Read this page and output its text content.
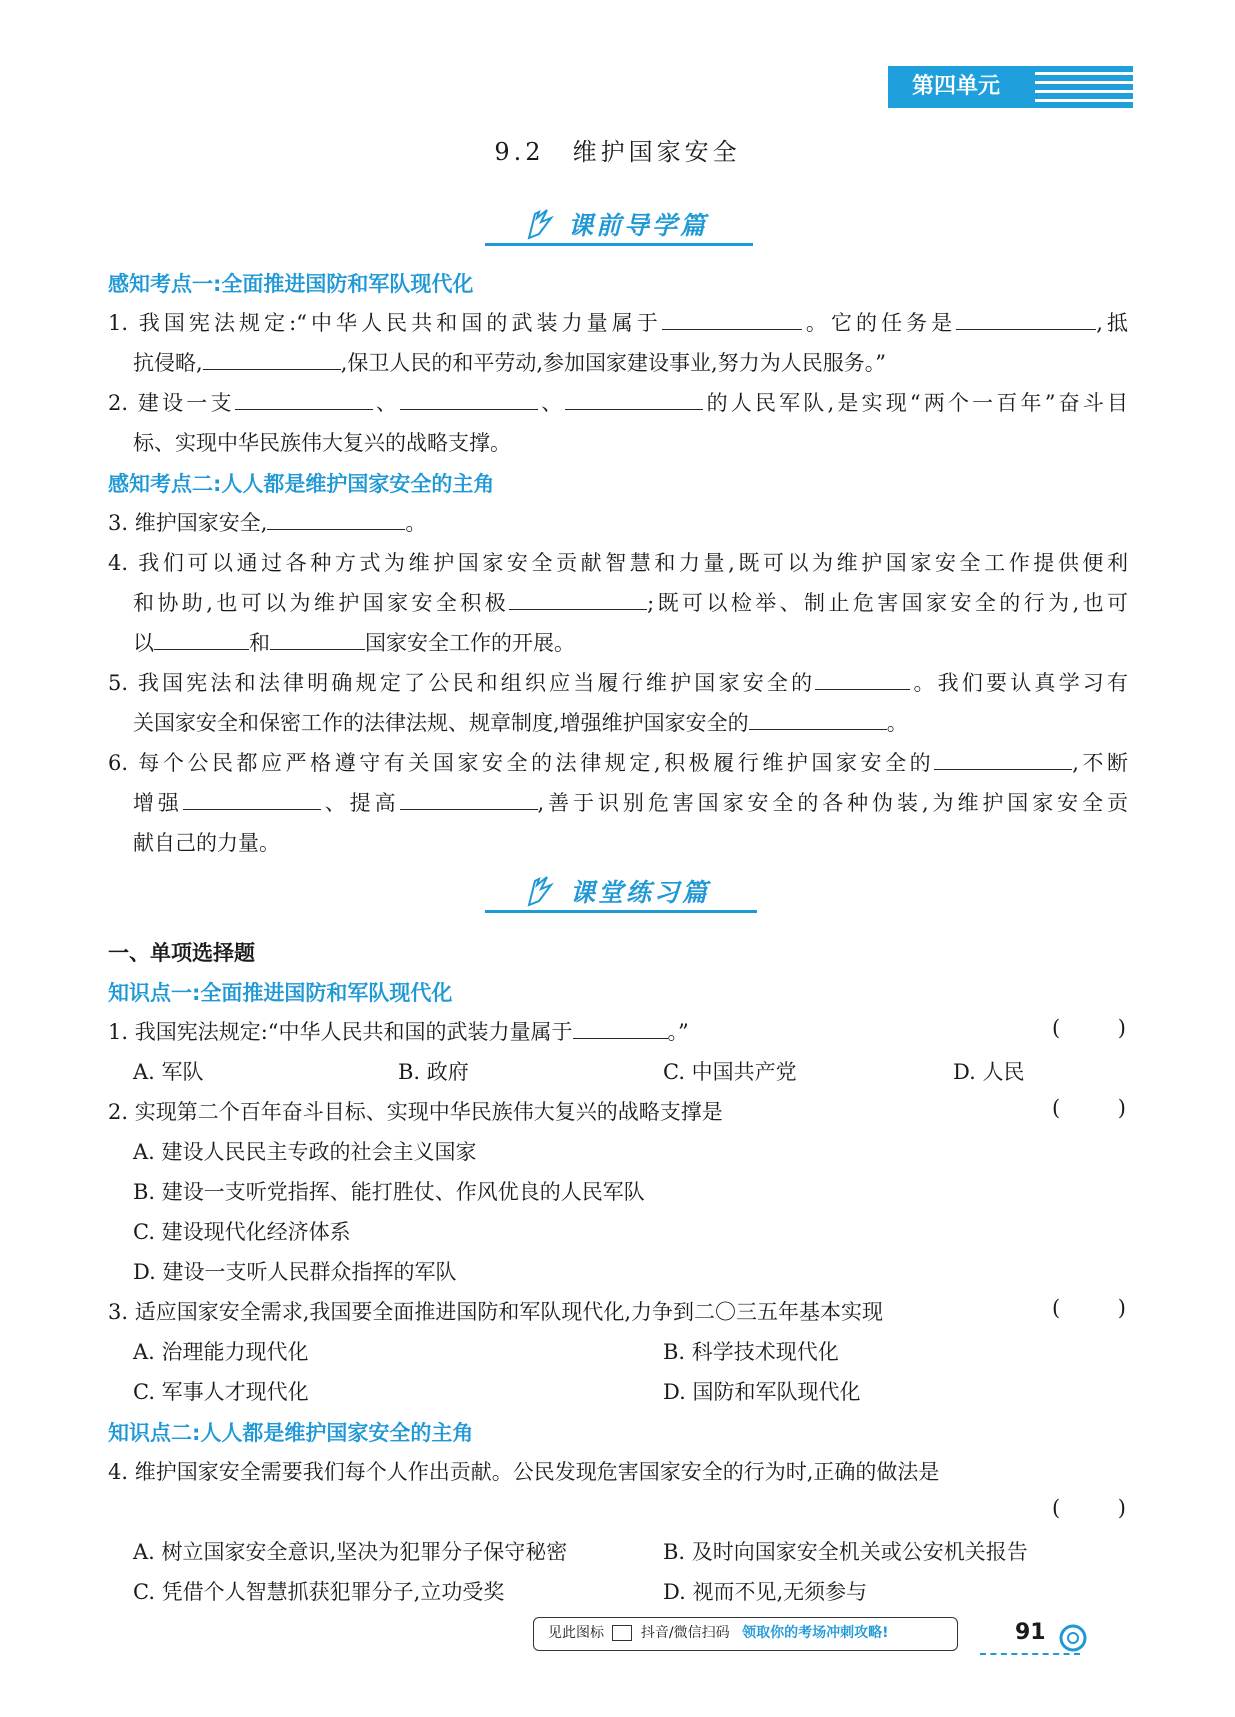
第四单元
9.2　维护国家安全
课前导学篇
感知考点一:全面推进国防和军队现代化
1. 我国宪法规定:“中华人民共和国的武装力量属于	。它的任务是	,抵
抗侵略,	,保卫人民的和平劳动,参加国家建设事业,努力为人民服务。”
2. 建设一支	、	、	的人民军队,是实现“两个一百年”奋斗目
标、实现中华民族伟大复兴的战略支撑。
感知考点二:人人都是维护国家安全的主角
3. 维护国家安全,	。
4. 我们可以通过各种方式为维护国家安全贡献智慧和力量,既可以为维护国家安全工作提供便利
和协助,也可以为维护国家安全积极	;既可以检举、制止危害国家安全的行为,也可
以	和	国家安全工作的开展。
5. 我国宪法和法律明确规定了公民和组织应当履行维护国家安全的	。我们要认真学习有
关国家安全和保密工作的法律法规、规章制度,增强维护国家安全的	。
6. 每个公民都应严格遵守有关国家安全的法律规定,积极履行维护国家安全的	,不断
增强	、提高	,善于识别危害国家安全的各种伪装,为维护国家安全贡
献自己的力量。
课堂练习篇
一、单项选择题
知识点一:全面推进国防和军队现代化
1. 我国宪法规定:“中华人民共和国的武装力量属于	。”	(	)
A. 军队	B. 政府	C. 中国共产党	D. 人民
2. 实现第二个百年奋斗目标、实现中华民族伟大复兴的战略支撑是	(	)
A. 建设人民民主专政的社会主义国家
B. 建设一支听党指挥、能打胜仗、作风优良的人民军队
C. 建设现代化经济体系
D. 建设一支听人民群众指挥的军队
3. 适应国家安全需求,我国要全面推进国防和军队现代化,力争到二〇三五年基本实现	(	)
A. 治理能力现代化	B. 科学技术现代化
C. 军事人才现代化	D. 国防和军队现代化
知识点二:人人都是维护国家安全的主角
4. 维护国家安全需要我们每个人作出贡献。公民发现危害国家安全的行为时,正确的做法是
(	)
A. 树立国家安全意识,坚决为犯罪分子保守秘密	B. 及时向国家安全机关或公安机关报告
C. 凭借个人智慧抓获犯罪分子,立功受奖	D. 视而不见,无须参与
见此图标	抖音/微信扫码 领取你的考场冲刺攻略!	91
